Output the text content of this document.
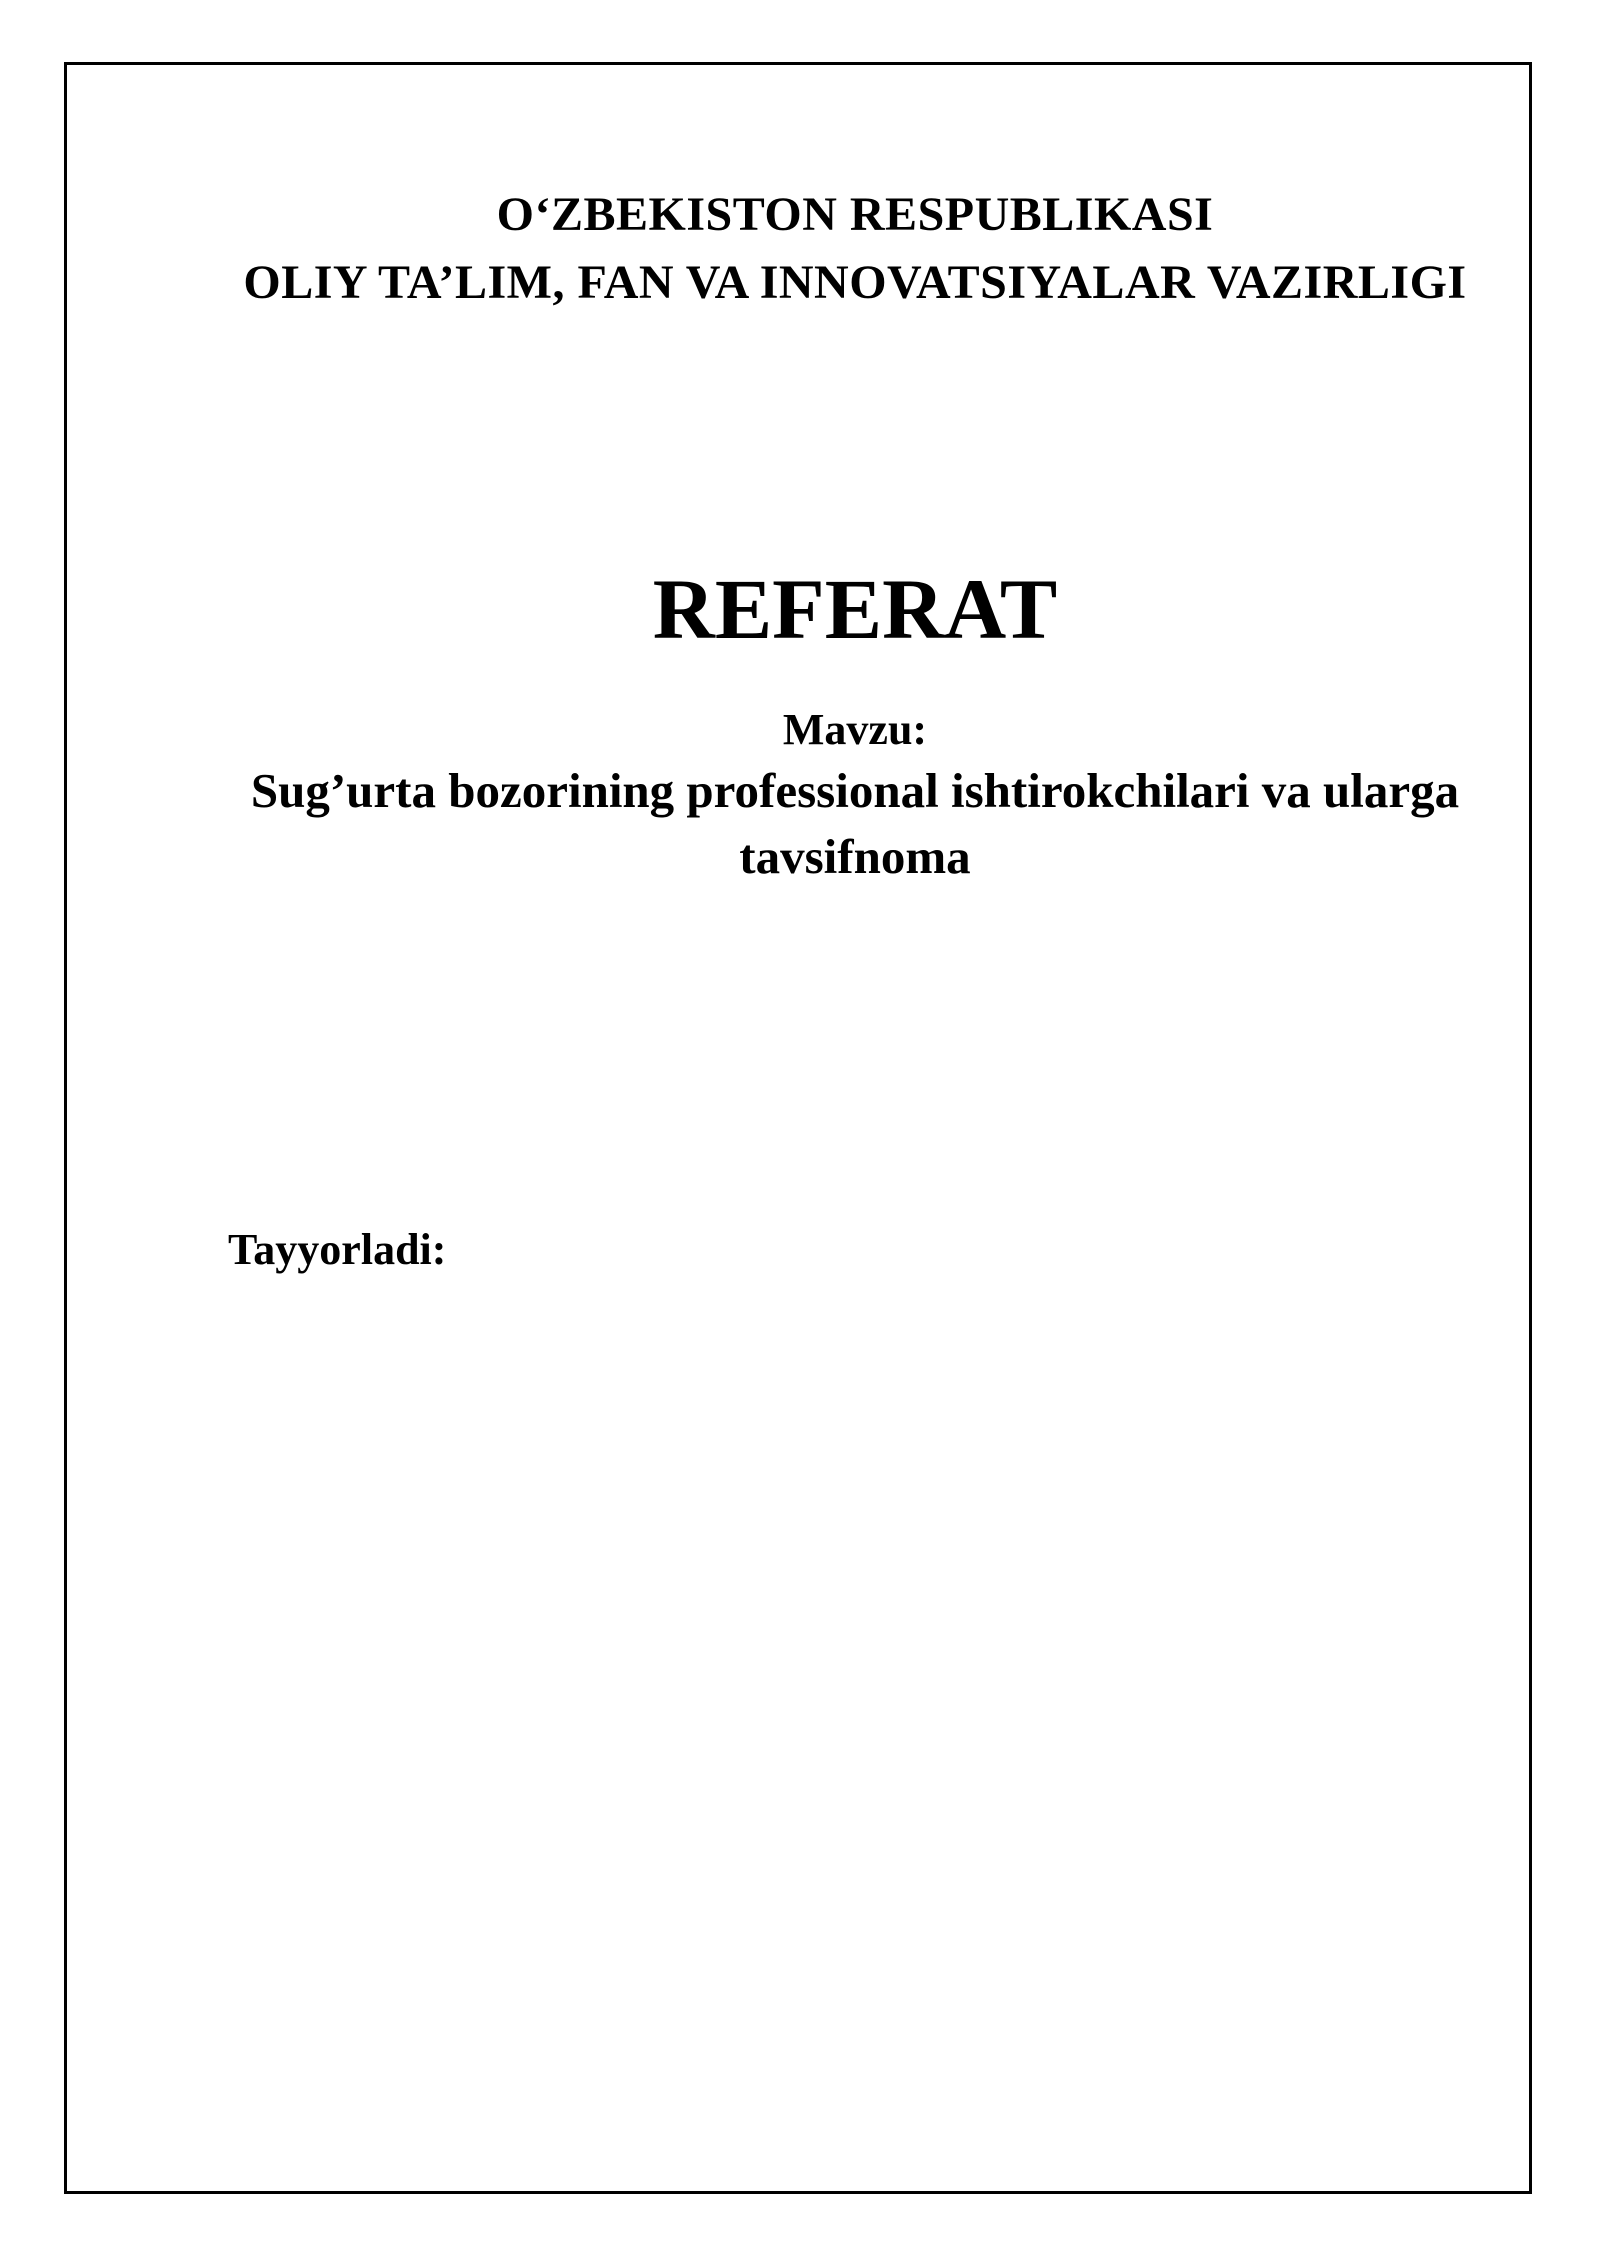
O‘ZBEKISTON RESPUBLIKASI
OLIY TA’LIM, FAN VA INNOVATSIYALAR VAZIRLIGI
REFERAT
Mavzu:
Sug’urta bozorining professional ishtirokchilari va ularga
tavsifnoma
Tayyorladi:
